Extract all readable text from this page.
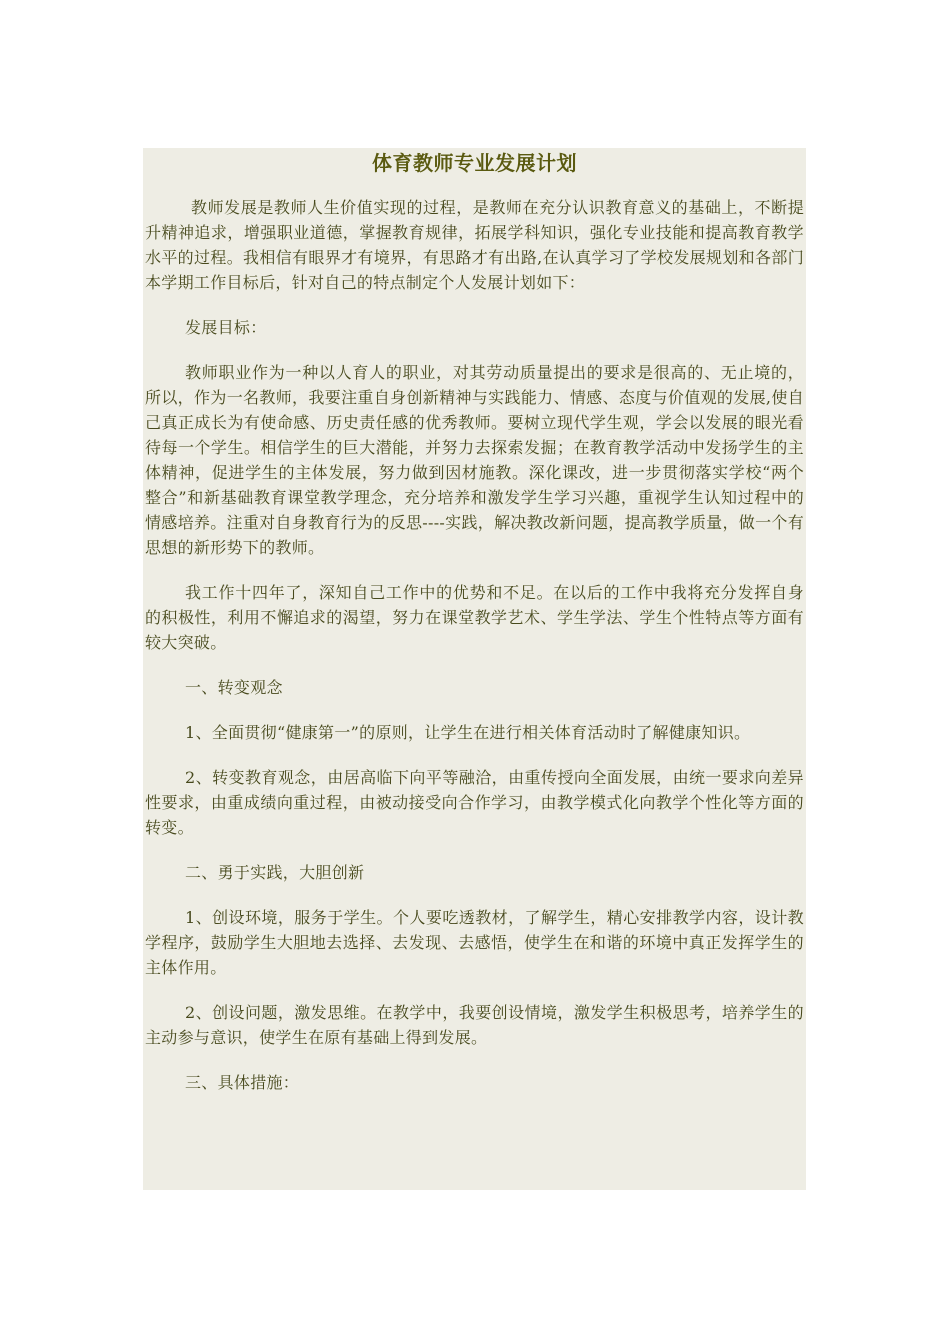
体育教师专业发展计划

教师发展是教师人生价值实现的过程，是教师在充分认识教育意义的基础上，不断提升精神追求，增强职业道德，掌握教育规律，拓展学科知识，强化专业技能和提高教育教学水平的过程。我相信有眼界才有境界，有思路才有出路,在认真学习了学校发展规划和各部门本学期工作目标后，针对自己的特点制定个人发展计划如下：

发展目标：

教师职业作为一种以人育人的职业，对其劳动质量提出的要求是很高的、无止境的，所以，作为一名教师，我要注重自身创新精神与实践能力、情感、态度与价值观的发展,使自己真正成长为有使命感、历史责任感的优秀教师。要树立现代学生观，学会以发展的眼光看待每一个学生。相信学生的巨大潜能，并努力去探索发掘；在教育教学活动中发扬学生的主体精神，促进学生的主体发展，努力做到因材施教。深化课改，进一步贯彻落实学校“两个整合”和新基础教育课堂教学理念，充分培养和激发学生学习兴趣，重视学生认知过程中的情感培养。注重对自身教育行为的反思----实践，解决教改新问题，提高教学质量，做一个有思想的新形势下的教师。

我工作十四年了，深知自己工作中的优势和不足。在以后的工作中我将充分发挥自身的积极性，利用不懈追求的渴望，努力在课堂教学艺术、学生学法、学生个性特点等方面有较大突破。

一、转变观念

1、全面贯彻“健康第一”的原则，让学生在进行相关体育活动时了解健康知识。

2、转变教育观念，由居高临下向平等融洽，由重传授向全面发展，由统一要求向差异性要求，由重成绩向重过程，由被动接受向合作学习，由教学模式化向教学个性化等方面的转变。

二、勇于实践，大胆创新

1、创设环境，服务于学生。个人要吃透教材，了解学生，精心安排教学内容，设计教学程序，鼓励学生大胆地去选择、去发现、去感悟，使学生在和谐的环境中真正发挥学生的主体作用。

2、创设问题，激发思维。在教学中，我要创设情境，激发学生积极思考，培养学生的主动参与意识，使学生在原有基础上得到发展。

三、具体措施：
